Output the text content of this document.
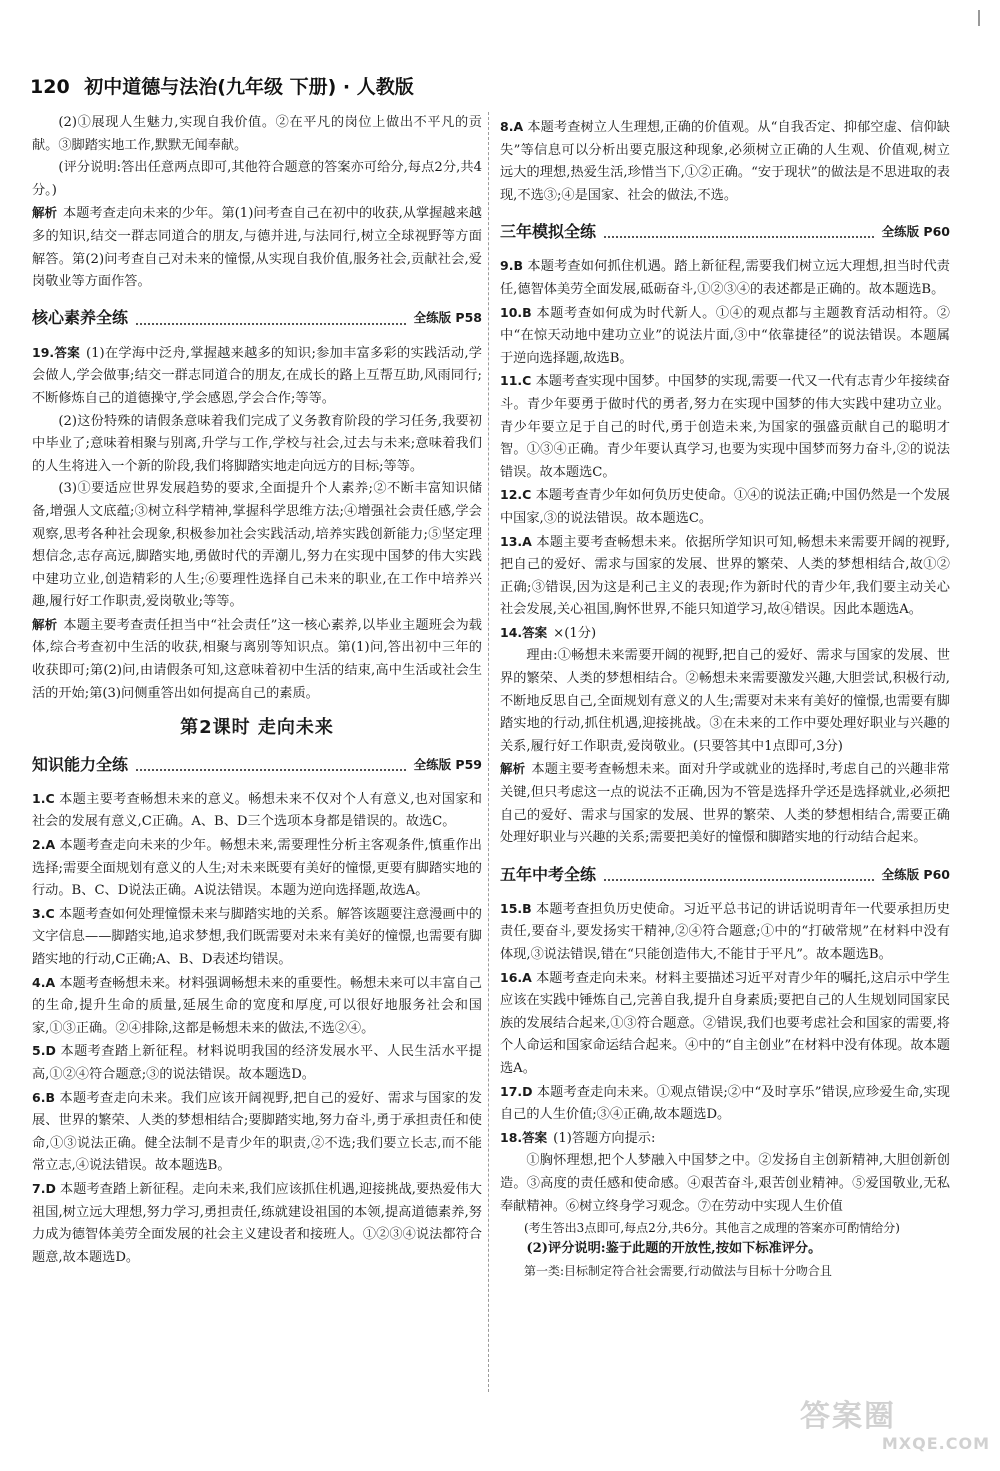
120 初中道德与法治(九年级 下册) · 人教版

(2)①展现人生魅力,实现自我价值。②在平凡的岗位上做出不平凡的贡献。③脚踏实地工作,默默无闻奉献。

(评分说明:答出任意两点即可,其他符合题意的答案亦可给分,每点2分,共4分。)

解析 本题考查走向未来的少年。第(1)问考查自己在初中的收获,从掌握越来越多的知识,结交一群志同道合的朋友,与德并进,与法同行,树立全球视野等方面解答。第(2)问考查自己对未来的憧憬,从实现自我价值,服务社会,贡献社会,爱岗敬业等方面作答。

核心素养全练	全练版 P58

19.答案 (1)在学海中泛舟,掌握越来越多的知识;参加丰富多彩的实践活动,学会做人,学会做事;结交一群志同道合的朋友,在成长的路上互帮互助,风雨同行;不断修炼自己的道德操守,学会感恩,学会合作;等等。

(2)这份特殊的请假条意味着我们完成了义务教育阶段的学习任务,我要初中毕业了;意味着相聚与别离,升学与工作,学校与社会,过去与未来;意味着我们的人生将进入一个新的阶段,我们将脚踏实地走向远方的目标;等等。

(3)①要适应世界发展趋势的要求,全面提升个人素养;②不断丰富知识储备,增强人文底蕴;③树立科学精神,掌握科学思维方法;④增强社会责任感,学会观察,思考各种社会现象,积极参加社会实践活动,培养实践创新能力;⑤坚定理想信念,志存高远,脚踏实地,勇做时代的弄潮儿,努力在实现中国梦的伟大实践中建功立业,创造精彩的人生;⑥要理性选择自己未来的职业,在工作中培养兴趣,履行好工作职责,爱岗敬业;等等。

解析 本题主要考查责任担当中“社会责任”这一核心素养,以毕业主题班会为载体,综合考查初中生活的收获,相聚与离别等知识点。第(1)问,答出初中三年的收获即可;第(2)问,由请假条可知,这意味着初中生活的结束,高中生活或社会生活的开始;第(3)问侧重答出如何提高自己的素质。

第2课时 走向未来
知识能力全练	全练版 P59

1.C 本题主要考查畅想未来的意义。畅想未来不仅对个人有意义,也对国家和社会的发展有意义,C正确。A、B、D三个选项本身都是错误的。故选C。

2.A 本题考查走向未来的少年。畅想未来,需要理性分析主客观条件,慎重作出选择;需要全面规划有意义的人生;对未来既要有美好的憧憬,更要有脚踏实地的行动。B、C、D说法正确。A说法错误。本题为逆向选择题,故选A。

3.C 本题考查如何处理憧憬未来与脚踏实地的关系。解答该题要注意漫画中的文字信息——脚踏实地,追求梦想,我们既需要对未来有美好的憧憬,也需要有脚踏实地的行动,C正确;A、B、D表述均错误。

4.A 本题考查畅想未来。材料强调畅想未来的重要性。畅想未来可以丰富自己的生命,提升生命的质量,延展生命的宽度和厚度,可以很好地服务社会和国家,①③正确。②④排除,这都是畅想未来的做法,不选②④。

5.D 本题考查踏上新征程。材料说明我国的经济发展水平、人民生活水平提高,①②④符合题意;③的说法错误。故本题选D。

6.B 本题考查走向未来。我们应该开阔视野,把自己的爱好、需求与国家的发展、世界的繁荣、人类的梦想相结合;要脚踏实地,努力奋斗,勇于承担责任和使命,①③说法正确。健全法制不是青少年的职责,②不选;我们要立长志,而不能常立志,④说法错误。故本题选B。

7.D 本题考查踏上新征程。走向未来,我们应该抓住机遇,迎接挑战,要热爱伟大祖国,树立远大理想,努力学习,勇担责任,练就建设祖国的本领,提高道德素养,努力成为德智体美劳全面发展的社会主义建设者和接班人。①②③④说法都符合题意,故本题选D。

8.A 本题考查树立人生理想,正确的价值观。从“自我否定、抑郁空虚、信仰缺失”等信息可以分析出要克服这种现象,必须树立正确的人生观、价值观,树立远大的理想,热爱生活,珍惜当下,①②正确。“安于现状”的做法是不思进取的表现,不选③;④是国家、社会的做法,不选。

三年模拟全练	全练版 P60

9.B 本题考查如何抓住机遇。踏上新征程,需要我们树立远大理想,担当时代责任,德智体美劳全面发展,砥砺奋斗,①②③④的表述都是正确的。故本题选B。

10.B 本题考查如何成为时代新人。①④的观点都与主题教育活动相符。②中“在惊天动地中建功立业”的说法片面,③中“依靠捷径”的说法错误。本题属于逆向选择题,故选B。

11.C 本题考查实现中国梦。中国梦的实现,需要一代又一代有志青少年接续奋斗。青少年要勇于做时代的勇者,努力在实现中国梦的伟大实践中建功立业。青少年要立足于自己的时代,勇于创造未来,为国家的强盛贡献自己的聪明才智。①③④正确。青少年要认真学习,也要为实现中国梦而努力奋斗,②的说法错误。故本题选C。

12.C 本题考查青少年如何负历史使命。①④的说法正确;中国仍然是一个发展中国家,③的说法错误。故本题选C。

13.A 本题主要考查畅想未来。依据所学知识可知,畅想未来需要开阔的视野,把自己的爱好、需求与国家的发展、世界的繁荣、人类的梦想相结合,故①②正确;③错误,因为这是利己主义的表现;作为新时代的青少年,我们要主动关心社会发展,关心祖国,胸怀世界,不能只知道学习,故④错误。因此本题选A。

14.答案 ×(1分)

理由:①畅想未来需要开阔的视野,把自己的爱好、需求与国家的发展、世界的繁荣、人类的梦想相结合。②畅想未来需要激发兴趣,大胆尝试,积极行动,不断地反思自己,全面规划有意义的人生;需要对未来有美好的憧憬,也需要有脚踏实地的行动,抓住机遇,迎接挑战。③在未来的工作中要处理好职业与兴趣的关系,履行好工作职责,爱岗敬业。(只要答其中1点即可,3分)

解析 本题主要考查畅想未来。面对升学或就业的选择时,考虑自己的兴趣非常关键,但只考虑这一点的说法不正确,因为不管是选择升学还是选择就业,必须把自己的爱好、需求与国家的发展、世界的繁荣、人类的梦想相结合,需要正确处理好职业与兴趣的关系;需要把美好的憧憬和脚踏实地的行动结合起来。

五年中考全练	全练版 P60

15.B 本题考查担负历史使命。习近平总书记的讲话说明青年一代要承担历史责任,要奋斗,要发扬实干精神,②④符合题意;①中的“打破常规”在材料中没有体现,③说法错误,错在“只能创造伟大,不能甘于平凡”。故本题选B。

16.A 本题考查走向未来。材料主要描述习近平对青少年的嘱托,这启示中学生应该在实践中锤炼自己,完善自我,提升自身素质;要把自己的人生规划同国家民族的发展结合起来,①③符合题意。②错误,我们也要考虑社会和国家的需要,将个人命运和国家命运结合起来。④中的“自主创业”在材料中没有体现。故本题选A。

17.D 本题考查走向未来。①观点错误;②中“及时享乐”错误,应珍爱生命,实现自己的人生价值;③④正确,故本题选D。

18.答案 (1)答题方向提示:

①胸怀理想,把个人梦融入中国梦之中。②发扬自主创新精神,大胆创新创造。③高度的责任感和使命感。④艰苦奋斗,艰苦创业精神。⑤爱国敬业,无私奉献精神。⑥树立终身学习观念。⑦在劳动中实现人生价值

(考生答出3点即可,每点2分,共6分。其他言之成理的答案亦可酌情给分)

(2)评分说明:鉴于此题的开放性,按如下标准评分。

第一类:目标制定符合社会需要,行动做法与目标十分吻合且

答案圈
MXQE.COM
